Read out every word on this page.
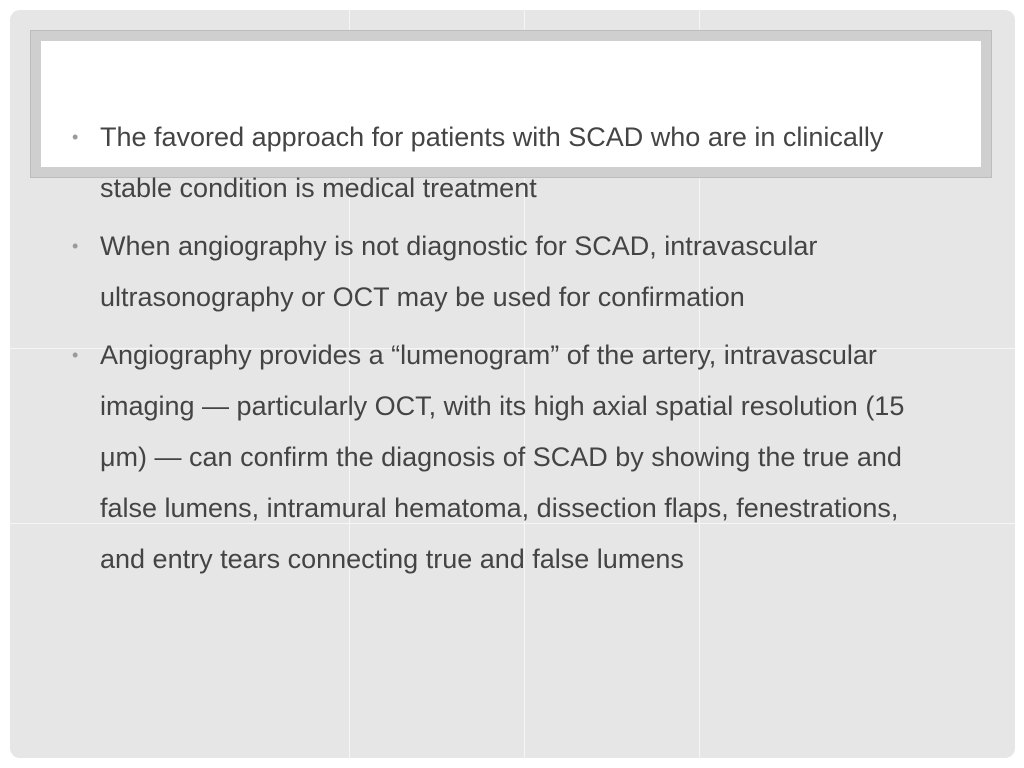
• The favored approach for patients with SCAD who are in clinically stable condition is medical treatment
• When angiography is not diagnostic for SCAD, intravascular ultrasonography or OCT may be used for confirmation
• Angiography provides a “lumenogram” of the artery, intravascular imaging — particularly OCT, with its high axial spatial resolution (15 μm) — can confirm the diagnosis of SCAD by showing the true and false lumens, intramural hematoma, dissection flaps, fenestrations, and entry tears connecting true and false lumens
